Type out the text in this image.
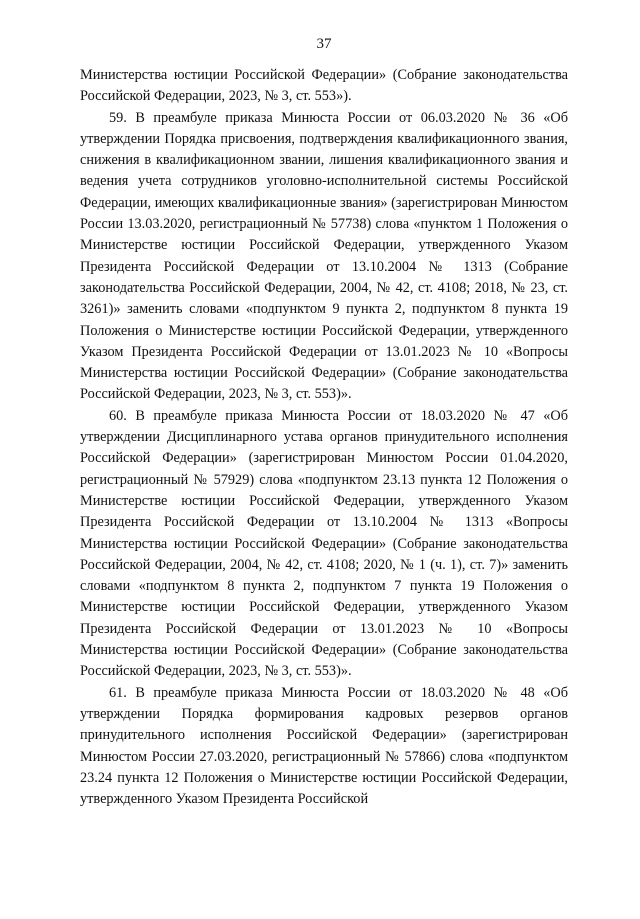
37

Министерства юстиции Российской Федерации» (Собрание законодательства Российской Федерации, 2023, № 3, ст. 553»).

59. В преамбуле приказа Минюста России от 06.03.2020 № 36 «Об утверждении Порядка присвоения, подтверждения квалификационного звания, снижения в квалификационном звании, лишения квалификационного звания и ведения учета сотрудников уголовно-исполнительной системы Российской Федерации, имеющих квалификационные звания» (зарегистрирован Минюстом России 13.03.2020, регистрационный № 57738) слова «пунктом 1 Положения о Министерстве юстиции Российской Федерации, утвержденного Указом Президента Российской Федерации от 13.10.2004 № 1313 (Собрание законодательства Российской Федерации, 2004, № 42, ст. 4108; 2018, № 23, ст. 3261)» заменить словами «подпунктом 9 пункта 2, подпунктом 8 пункта 19 Положения о Министерстве юстиции Российской Федерации, утвержденного Указом Президента Российской Федерации от 13.01.2023 № 10 «Вопросы Министерства юстиции Российской Федерации» (Собрание законодательства Российской Федерации, 2023, № 3, ст. 553)».

60. В преамбуле приказа Минюста России от 18.03.2020 № 47 «Об утверждении Дисциплинарного устава органов принудительного исполнения Российской Федерации» (зарегистрирован Минюстом России 01.04.2020, регистрационный № 57929) слова «подпунктом 23.13 пункта 12 Положения о Министерстве юстиции Российской Федерации, утвержденного Указом Президента Российской Федерации от 13.10.2004 № 1313 «Вопросы Министерства юстиции Российской Федерации» (Собрание законодательства Российской Федерации, 2004, № 42, ст. 4108; 2020, № 1 (ч. 1), ст. 7)» заменить словами «подпунктом 8 пункта 2, подпунктом 7 пункта 19 Положения о Министерстве юстиции Российской Федерации, утвержденного Указом Президента Российской Федерации от 13.01.2023 № 10 «Вопросы Министерства юстиции Российской Федерации» (Собрание законодательства Российской Федерации, 2023, № 3, ст. 553)».

61. В преамбуле приказа Минюста России от 18.03.2020 № 48 «Об утверждении Порядка формирования кадровых резервов органов принудительного исполнения Российской Федерации» (зарегистрирован Минюстом России 27.03.2020, регистрационный № 57866) слова «подпунктом 23.24 пункта 12 Положения о Министерстве юстиции Российской Федерации, утвержденного Указом Президента Российской
